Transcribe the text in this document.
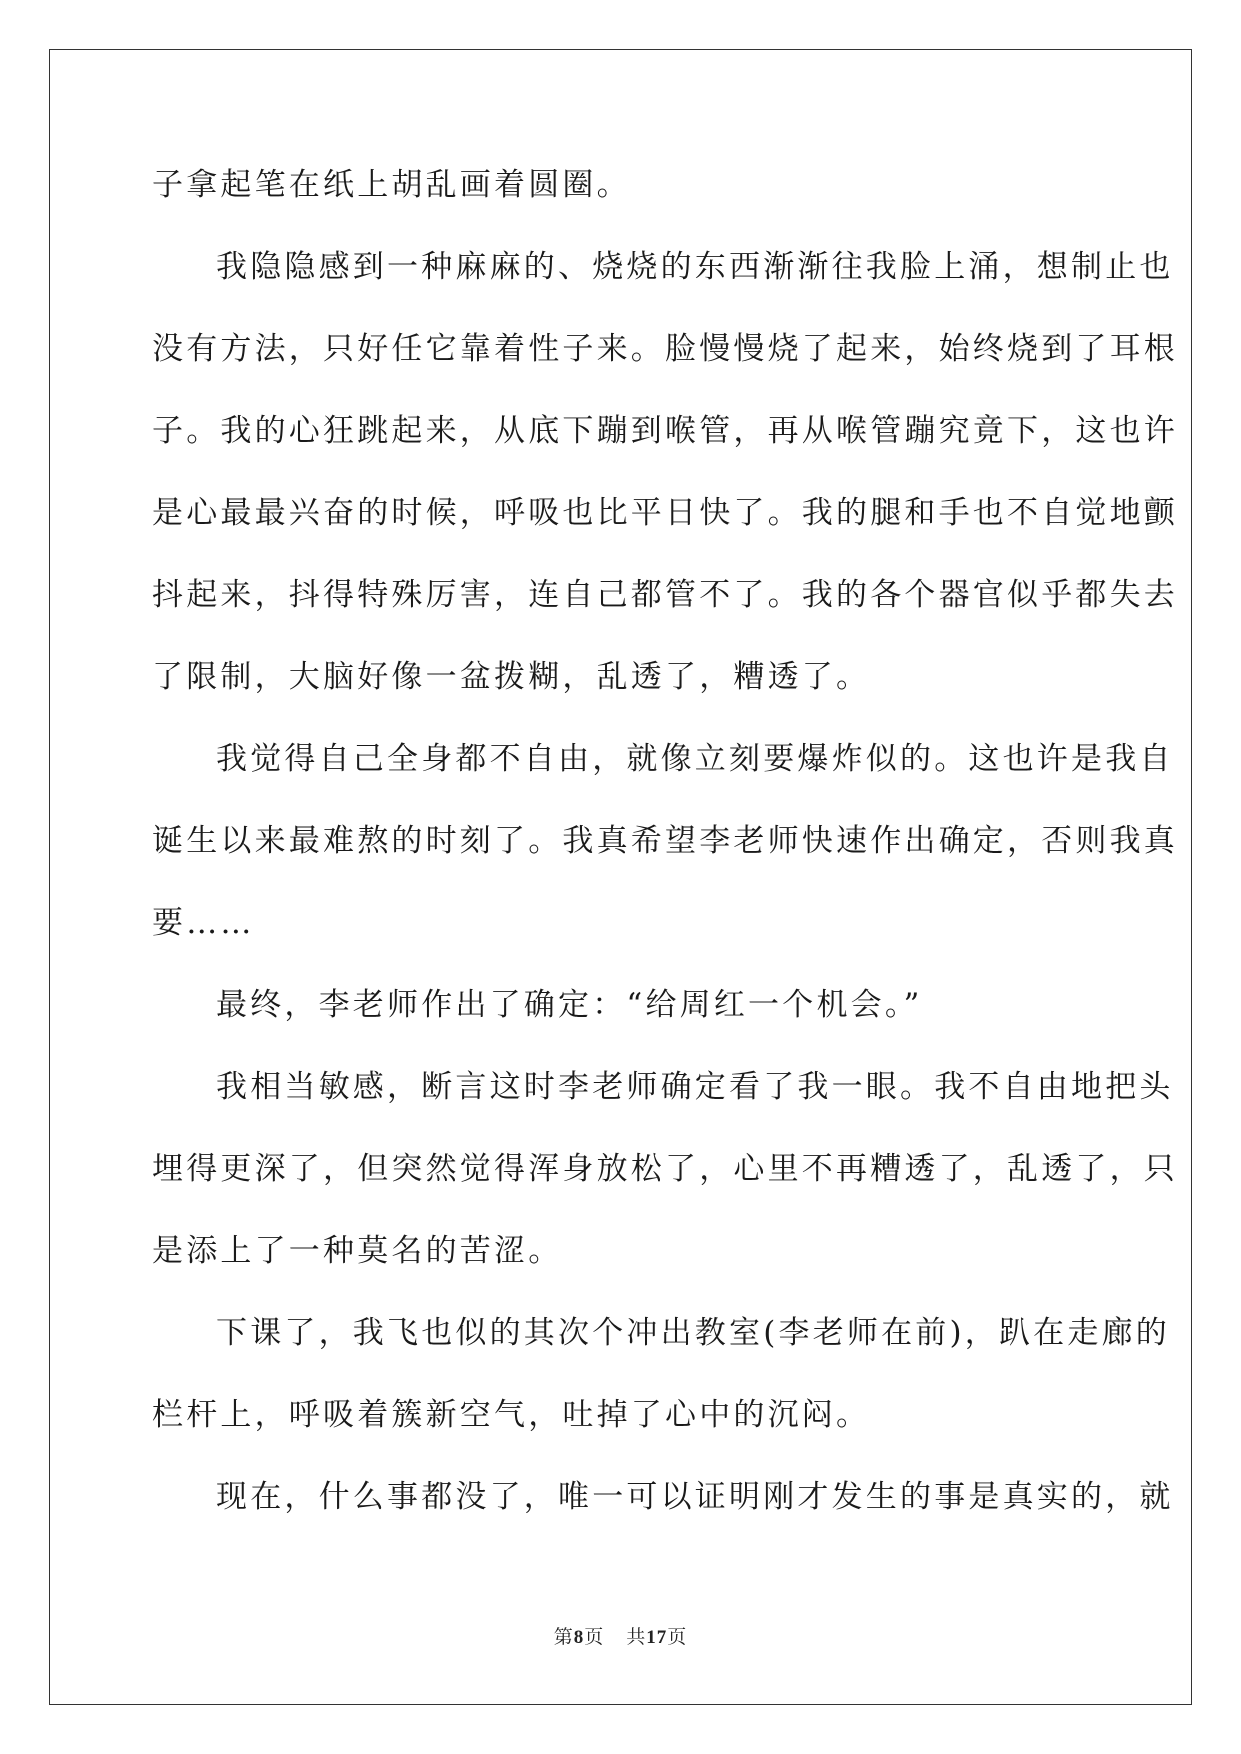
子拿起笔在纸上胡乱画着圆圈。
我隐隐感到一种麻麻的、烧烧的东西渐渐往我脸上涌，想制止也
没有方法，只好任它靠着性子来。脸慢慢烧了起来，始终烧到了耳根
子。我的心狂跳起来，从底下蹦到喉管，再从喉管蹦究竟下，这也许
是心最最兴奋的时候，呼吸也比平日快了。我的腿和手也不自觉地颤
抖起来，抖得特殊厉害，连自己都管不了。我的各个器官似乎都失去
了限制，大脑好像一盆拨糊，乱透了，糟透了。
我觉得自己全身都不自由，就像立刻要爆炸似的。这也许是我自
诞生以来最难熬的时刻了。我真希望李老师快速作出确定，否则我真
要……
最终，李老师作出了确定：“给周红一个机会。”
我相当敏感，断言这时李老师确定看了我一眼。我不自由地把头
埋得更深了，但突然觉得浑身放松了，心里不再糟透了，乱透了，只
是添上了一种莫名的苦涩。
下课了，我飞也似的其次个冲出教室(李老师在前)，趴在走廊的
栏杆上，呼吸着簇新空气，吐掉了心中的沉闷。
现在，什么事都没了，唯一可以证明刚才发生的事是真实的，就
第8页 共17页
